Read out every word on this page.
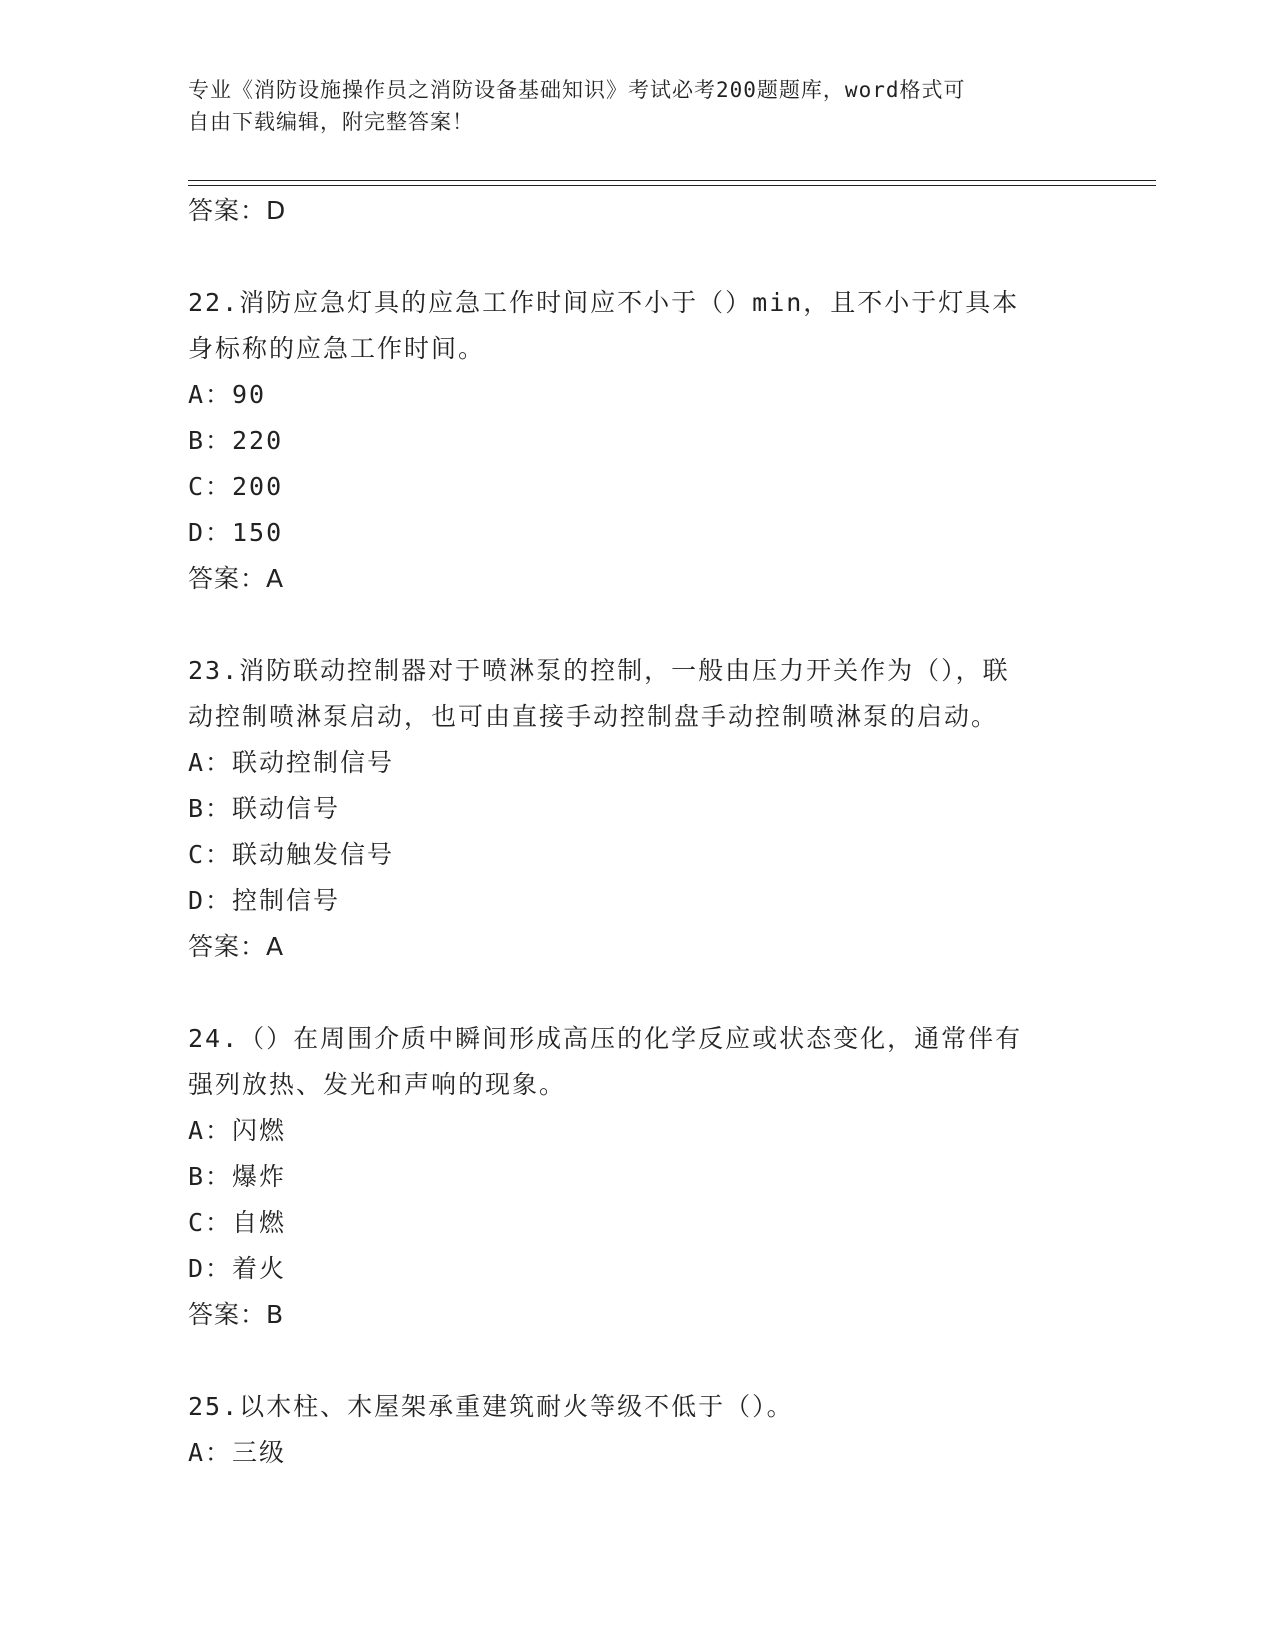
专业《消防设施操作员之消防设备基础知识》考试必考200题题库，word格式可
自由下载编辑，附完整答案！
答案：D
22.消防应急灯具的应急工作时间应不小于（）min，且不小于灯具本
身标称的应急工作时间。
A：90
B：220
C：200
D：150
答案：A
23.消防联动控制器对于喷淋泵的控制，一般由压力开关作为（），联
动控制喷淋泵启动，也可由直接手动控制盘手动控制喷淋泵的启动。
A：联动控制信号
B：联动信号
C：联动触发信号
D：控制信号
答案：A
24.（）在周围介质中瞬间形成高压的化学反应或状态变化，通常伴有
强列放热、发光和声响的现象。
A：闪燃
B：爆炸
C：自燃
D：着火
答案：B
25.以木柱、木屋架承重建筑耐火等级不低于（）。
A：三级
